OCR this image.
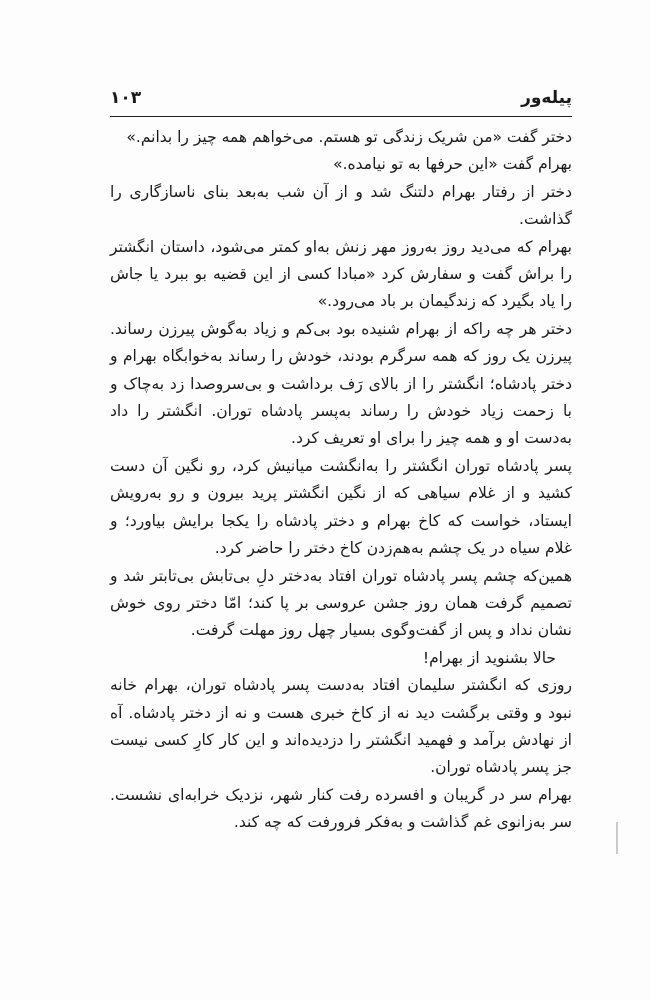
پیله‌ور
۱۰۳

دختر گفت «من شریک زندگی تو هستم. می‌خواهم همه چیز را بدانم.»

بهرام گفت «این حرفها به تو نیامده.»

دختر از رفتار بهرام دلتنگ شد و از آن شب به‌بعد بنای ناسازگاری را گذاشت.

بهرام که می‌دید روز به‌روز مهر زنش به‌او کمتر می‌شود، داستان انگشتر را براش گفت و سفارش کرد «مبادا کسی از این قضیه بو ببرد یا جاش را یاد بگیرد که زندگیمان بر باد می‌رود.»

دختر هر چه راکه از بهرام شنیده بود بی‌کم و زیاد به‌گوش پیرزن رساند. پیرزن یک روز که همه سرگرم بودند، خودش را رساند به‌خوابگاه بهرام و دختر پادشاه؛ انگشتر را از بالای رَف برداشت و بی‌سروصدا زد به‌چاک و با زحمت زیاد خودش را رساند به‌پسر پادشاه توران. انگشتر را داد به‌دست او و همه چیز را برای او تعریف کرد.

پسر پادشاه توران انگشتر را به‌انگشت میانیش کرد، رو نگین آن دست کشید و از غلام سیاهی که از نگین انگشتر پرید بیرون و رو به‌رویش ایستاد، خواست که کاخ بهرام و دختر پادشاه را یکجا برایش بیاورد؛ و غلام سیاه در یک چشم به‌هم‌زدن کاخ دختر را حاضر کرد.

همین‌که چشم پسر پادشاه توران افتاد به‌دختر دلِ بی‌تابش بی‌تابتر شد و تصمیم گرفت همان روز جشن عروسی بر پا کند؛ امّا دختر روی خوش نشان نداد و پس از گفت‌وگوی بسیار چهل روز مهلت گرفت.

حالا بشنوید از بهرام!

روزی که انگشتر سلیمان افتاد به‌دست پسر پادشاه توران، بهرام خانه نبود و وقتی برگشت دید نه از کاخ خبری هست و نه از دختر پادشاه. آه از نهادش برآمد و فهمید انگشتر را دزدیده‌اند و این کار کارِ کسی نیست جز پسر پادشاه توران.

بهرام سر در گریبان و افسرده رفت کنار شهر، نزدیک خرابه‌ای نشست. سر به‌زانوی غم گذاشت و به‌فکر فرورفت که چه کند.
